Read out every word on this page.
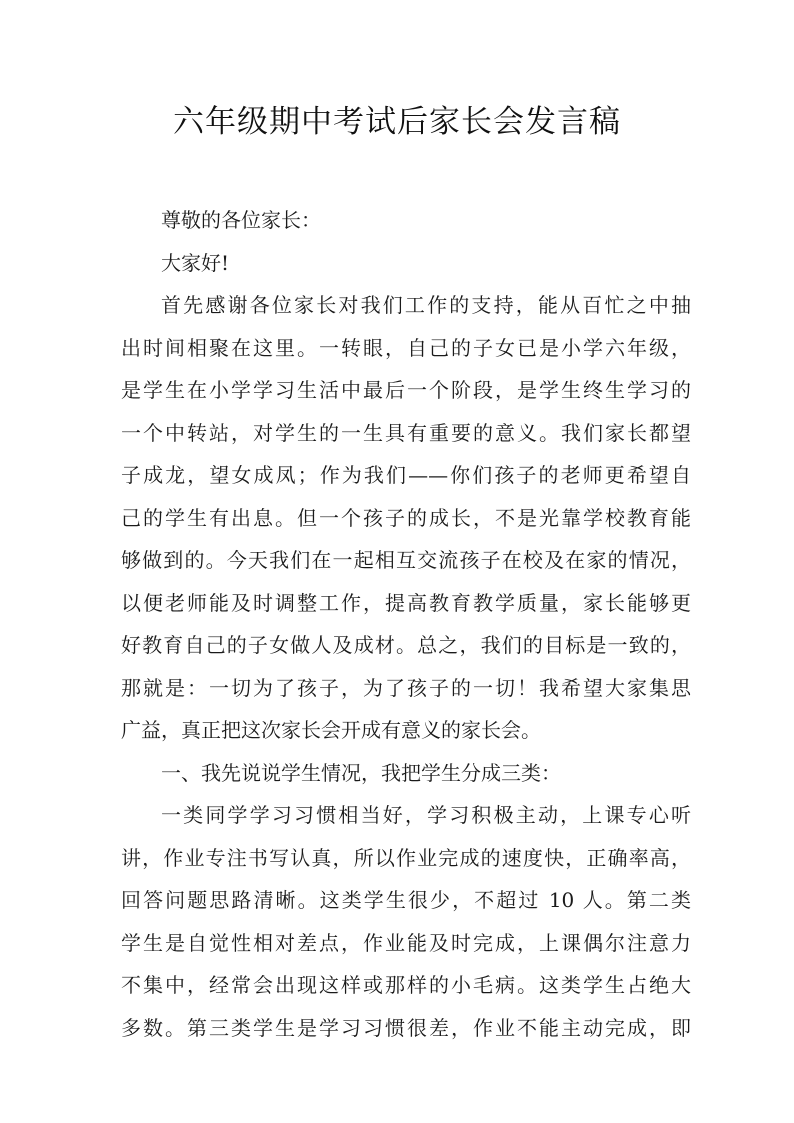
六年级期中考试后家长会发言稿
尊敬的各位家长：
大家好!
首先感谢各位家长对我们工作的支持，能从百忙之中抽
出时间相聚在这里。一转眼，自己的子女已是小学六年级，
是学生在小学学习生活中最后一个阶段，是学生终生学习的
一个中转站，对学生的一生具有重要的意义。我们家长都望
子成龙，望女成凤；作为我们——你们孩子的老师更希望自
己的学生有出息。但一个孩子的成长，不是光靠学校教育能
够做到的。今天我们在一起相互交流孩子在校及在家的情况，
以便老师能及时调整工作，提高教育教学质量，家长能够更
好教育自己的子女做人及成材。总之，我们的目标是一致的，
那就是：一切为了孩子，为了孩子的一切！我希望大家集思
广益，真正把这次家长会开成有意义的家长会。
一、我先说说学生情况，我把学生分成三类：
一类同学学习习惯相当好，学习积极主动，上课专心听
讲，作业专注书写认真，所以作业完成的速度快，正确率高，
回答问题思路清晰。这类学生很少，不超过 10 人。第二类
学生是自觉性相对差点，作业能及时完成，上课偶尔注意力
不集中，经常会出现这样或那样的小毛病。这类学生占绝大
多数。第三类学生是学习习惯很差，作业不能主动完成，即
